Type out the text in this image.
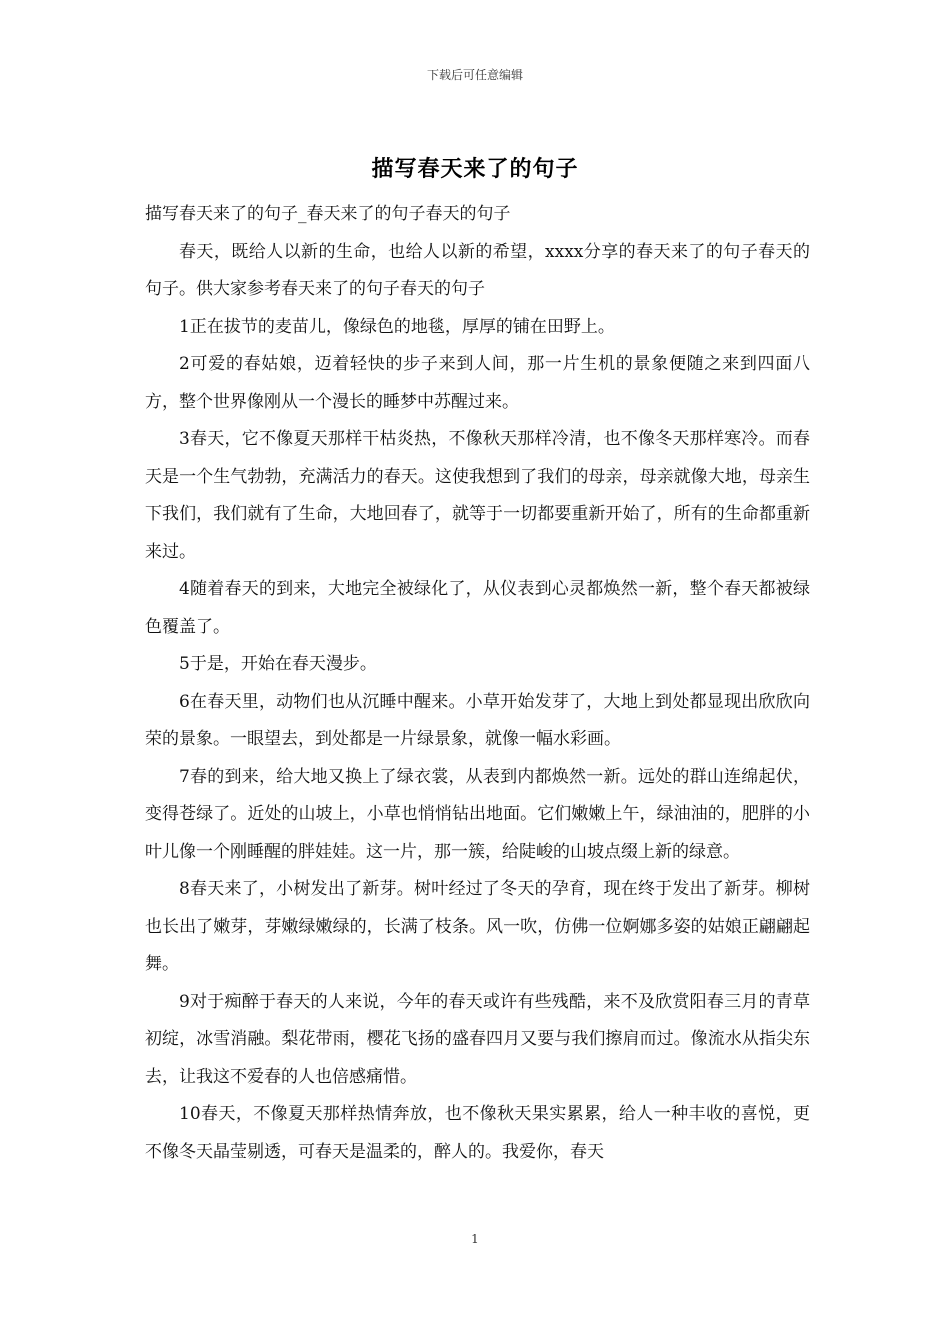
下载后可任意编辑
描写春天来了的句子

描写春天来了的句子_春天来了的句子春天的句子

春天，既给人以新的生命，也给人以新的希望，xxxx分享的春天来了的句子春天的句子。供大家参考春天来了的句子春天的句子

1正在拔节的麦苗儿，像绿色的地毯，厚厚的铺在田野上。

2可爱的春姑娘，迈着轻快的步子来到人间，那一片生机的景象便随之来到四面八方，整个世界像刚从一个漫长的睡梦中苏醒过来。

3春天，它不像夏天那样干枯炎热，不像秋天那样冷清，也不像冬天那样寒冷。而春天是一个生气勃勃，充满活力的春天。这使我想到了我们的母亲，母亲就像大地，母亲生下我们，我们就有了生命，大地回春了，就等于一切都要重新开始了，所有的生命都重新来过。

4随着春天的到来，大地完全被绿化了，从仪表到心灵都焕然一新，整个春天都被绿色覆盖了。

5于是，开始在春天漫步。

6在春天里，动物们也从沉睡中醒来。小草开始发芽了，大地上到处都显现出欣欣向荣的景象。一眼望去，到处都是一片绿景象，就像一幅水彩画。

7春的到来，给大地又换上了绿衣裳，从表到内都焕然一新。远处的群山连绵起伏，变得苍绿了。近处的山坡上，小草也悄悄钻出地面。它们嫩嫩上午，绿油油的，肥胖的小叶儿像一个刚睡醒的胖娃娃。这一片，那一簇，给陡峻的山坡点缀上新的绿意。

8春天来了，小树发出了新芽。树叶经过了冬天的孕育，现在终于发出了新芽。柳树也长出了嫩芽，芽嫩绿嫩绿的，长满了枝条。风一吹，仿佛一位婀娜多姿的姑娘正翩翩起舞。

9对于痴醉于春天的人来说，今年的春天或许有些残酷，来不及欣赏阳春三月的青草初绽，冰雪消融。梨花带雨，樱花飞扬的盛春四月又要与我们擦肩而过。像流水从指尖东去，让我这不爱春的人也倍感痛惜。

10春天，不像夏天那样热情奔放，也不像秋天果实累累，给人一种丰收的喜悦，更不像冬天晶莹剔透，可春天是温柔的，醉人的。我爱你，春天

1
